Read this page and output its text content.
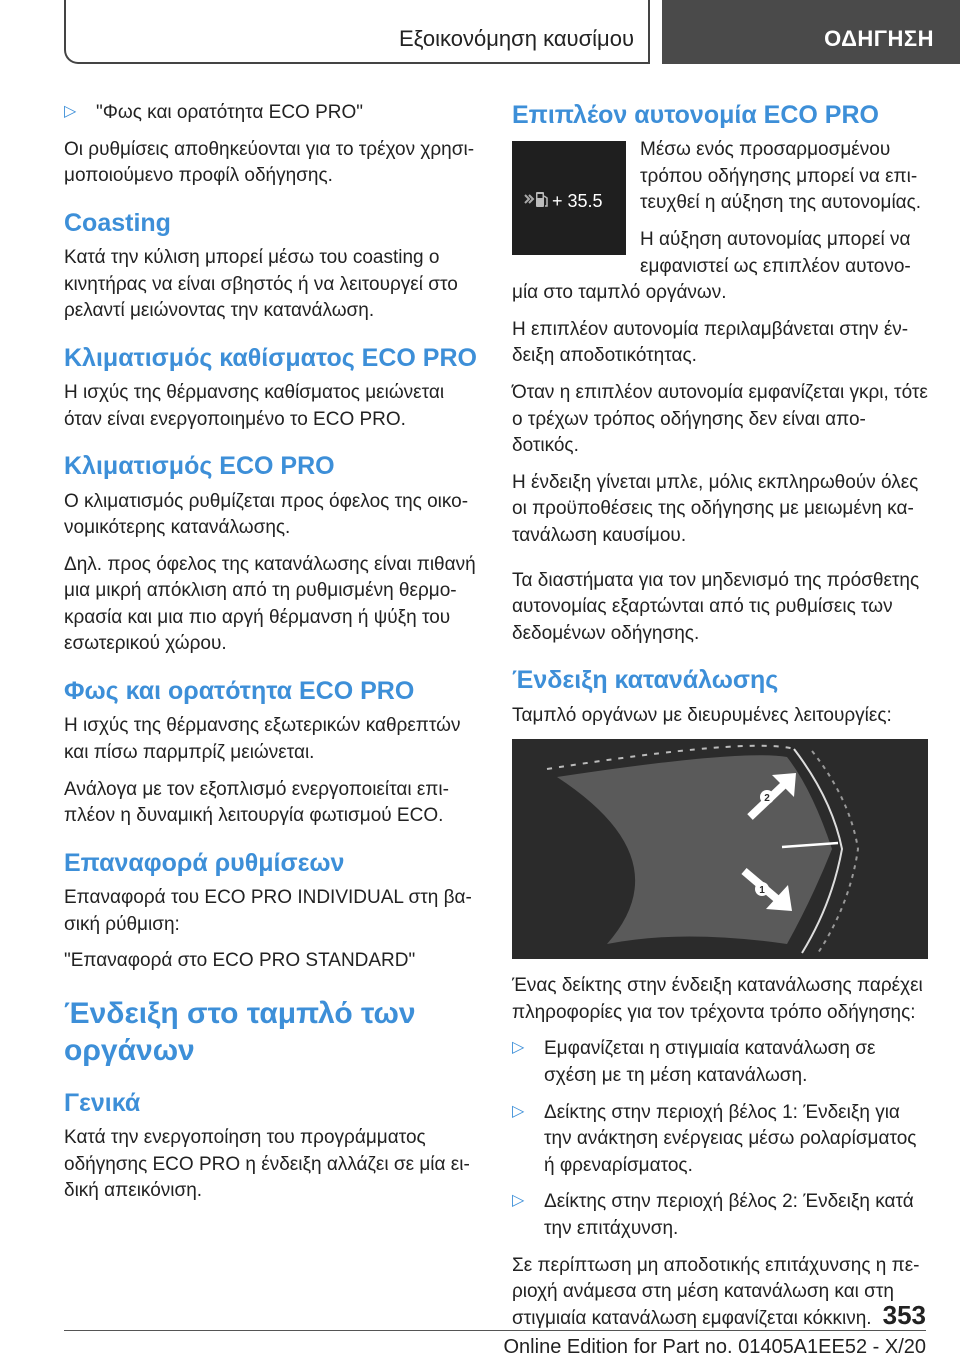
Εξοικονόμηση καυσίμου	ΟΔΗΓΗΣΗ

▷ "Φως και ορατότητα ECO PRO"

Οι ρυθμίσεις αποθηκεύονται για το τρέχον χρησι- μοποιούμενο προφίλ οδήγησης.

Coasting

Κατά την κύλιση μπορεί μέσω του coasting ο κινητήρας να είναι σβηστός ή να λειτουργεί στο ρελαντί μειώνοντας την κατανάλωση.

Κλιματισμός καθίσματος ECO PRO

Η ισχύς της θέρμανσης καθίσματος μειώνεται όταν είναι ενεργοποιημένο το ECO PRO.

Κλιματισμός ECO PRO

Ο κλιματισμός ρυθμίζεται προς όφελος της οικο- νομικότερης κατανάλωσης.

Δηλ. προς όφελος της κατανάλωσης είναι πιθανή μια μικρή απόκλιση από τη ρυθμισμένη θερμο- κρασία και μια πιο αργή θέρμανση ή ψύξη του εσωτερικού χώρου.

Φως και ορατότητα ECO PRO

Η ισχύς της θέρμανσης εξωτερικών καθρεπτών και πίσω παρμπρίζ μειώνεται.

Ανάλογα με τον εξοπλισμό ενεργοποιείται επι- πλέον η δυναμική λειτουργία φωτισμού ECO.

Επαναφορά ρυθμίσεων

Επαναφορά του ECO PRO INDIVIDUAL στη βα- σική ρύθμιση:

"Επαναφορά στο ECO PRO STANDARD"

Ένδειξη στο ταμπλό των οργάνων
Γενικά

Κατά την ενεργοποίηση του προγράμματος οδήγησης ECO PRO η ένδειξη αλλάζει σε μία ει- δική απεικόνιση.

Επιπλέον αυτονομία ECO PRO
+ 35.5

Μέσω ενός προσαρμοσμένου τρόπου οδήγησης μπορεί να επι- τευχθεί η αύξηση της αυτονομίας.

Η αύξηση αυτονομίας μπορεί να εμφανιστεί ως επιπλέον αυτονο- μία στο ταμπλό οργάνων.

Η επιπλέον αυτονομία περιλαμβάνεται στην έν- δειξη αποδοτικότητας.

Όταν η επιπλέον αυτονομία εμφανίζεται γκρι, τότε ο τρέχων τρόπος οδήγησης δεν είναι απο- δοτικός.

Η ένδειξη γίνεται μπλε, μόλις εκπληρωθούν όλες οι προϋποθέσεις της οδήγησης με μειωμένη κα- τανάλωση καυσίμου.

Τα διαστήματα για τον μηδενισμό της πρόσθετης αυτονομίας εξαρτώνται από τις ρυθμίσεις των δεδομένων οδήγησης.

Ένδειξη κατανάλωσης

Ταμπλό οργάνων με διευρυμένες λειτουργίες:

2
1

Ένας δείκτης στην ένδειξη κατανάλωσης παρέχει πληροφορίες για τον τρέχοντα τρόπο οδήγησης:

▷ Εμφανίζεται η στιγμιαία κατανάλωση σε σχέση με τη μέση κατανάλωση.

▷ Δείκτης στην περιοχή βέλος 1: Ένδειξη για την ανάκτηση ενέργειας μέσω ρολαρίσματος ή φρεναρίσματος.

▷ Δείκτης στην περιοχή βέλος 2: Ένδειξη κατά την επιτάχυνση.

Σε περίπτωση μη αποδοτικής επιτάχυνσης η πε- ριοχή ανάμεσα στη μέση κατανάλωση και στη στιγμιαία κατανάλωση εμφανίζεται κόκκινη. 353
Online Edition for Part no. 01405A1EE52 - X/20
